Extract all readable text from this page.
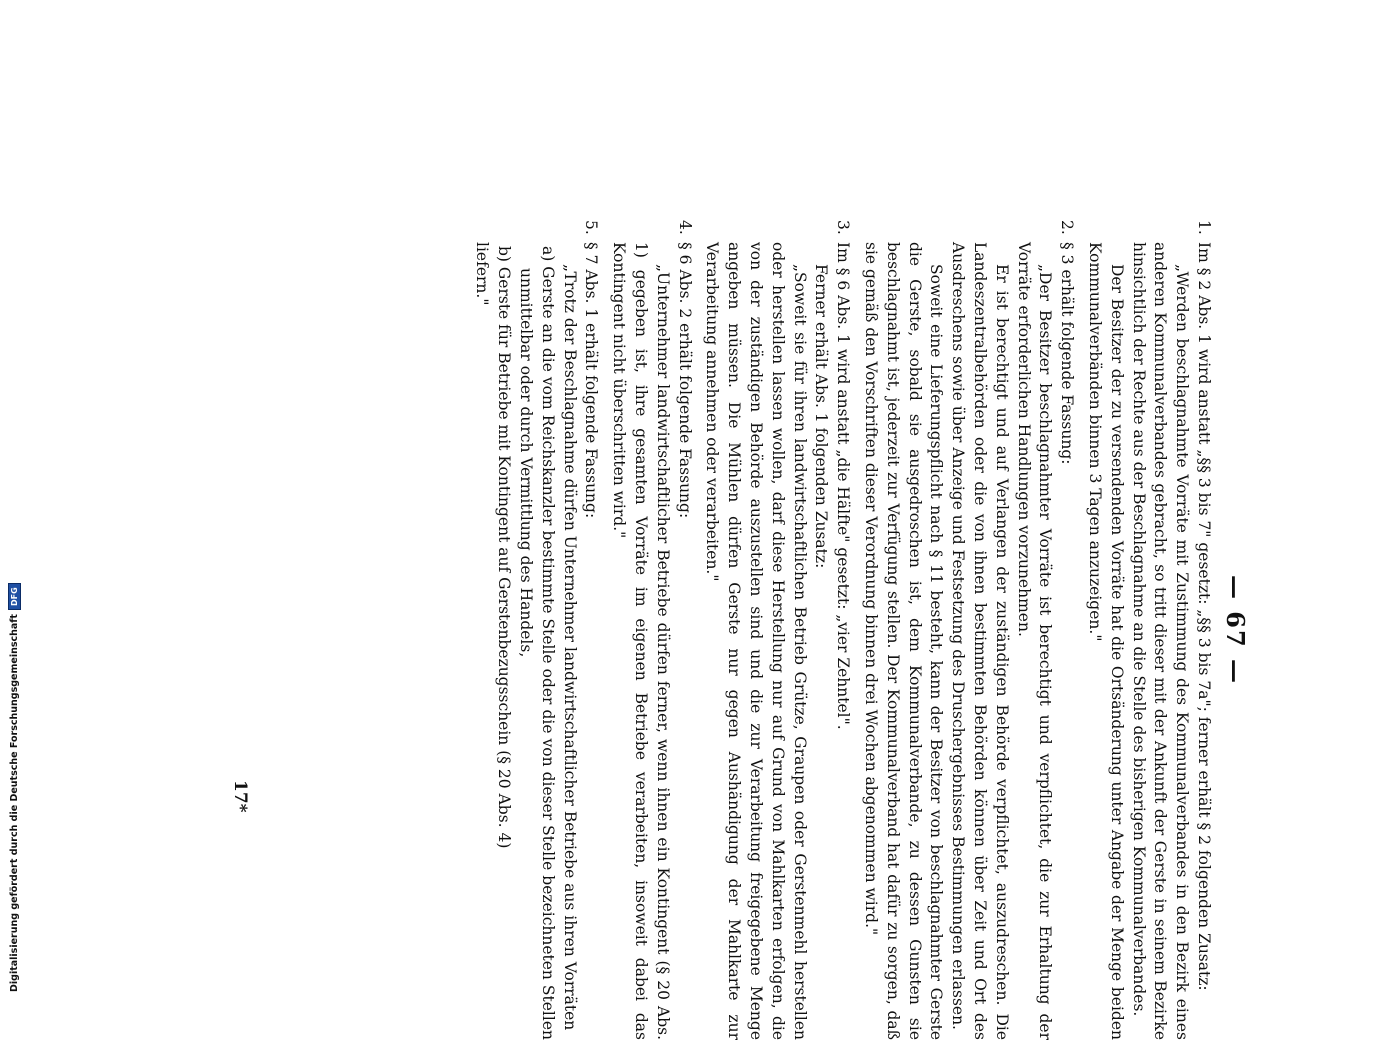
— 67 —
1.Im § 2 Abs. 1 wird anstatt „§§ 3 bis 7" gesetzt: „§§ 3 bis 7a"; ferner erhält § 2 folgenden Zusatz:

„Werden beschlagnahmte Vorräte mit Zustimmung des Kommunalverbandes in den Bezirk eines anderen Kommunalverbandes gebracht, so tritt dieser mit der Ankunft der Gerste in seinem Bezirke hinsichtlich der Rechte aus der Beschlagnahme an die Stelle des bisherigen Kommunalverbandes.

Der Besitzer der zu versendenden Vorräte hat die Ortsänderung unter Angabe der Menge beiden Kommunalverbänden binnen 3 Tagen anzuzeigen."

2.§ 3 erhält folgende Fassung:

„Der Besitzer beschlagnahmter Vorräte ist berechtigt und verpflichtet, die zur Erhaltung der Vorräte erforderlichen Handlungen vorzunehmen.

Er ist berechtigt und auf Verlangen der zuständigen Behörde verpflichtet, auszudreschen. Die Landeszentralbehörden oder die von ihnen bestimmten Behörden können über Zeit und Ort des Ausdreschens sowie über Anzeige und Festsetzung des Druschergebnisses Bestimmungen erlassen.

Soweit eine Lieferungspflicht nach § 11 besteht, kann der Besitzer von beschlagnahmter Gerste die Gerste, sobald sie ausgedroschen ist, dem Kommunalverbande, zu dessen Gunsten sie beschlagnahmt ist, jederzeit zur Verfügung stellen. Der Kommunalverband hat dafür zu sorgen, daß sie gemäß den Vorschriften dieser Verordnung binnen drei Wochen abgenommen wird."

3.Im § 6 Abs. 1 wird anstatt „die Hälfte" gesetzt: „vier Zehntel".

Ferner erhält Abs. 1 folgenden Zusatz:

„Soweit sie für ihren landwirtschaftlichen Betrieb Grütze, Graupen oder Gerstenmehl herstellen oder herstellen lassen wollen, darf diese Herstellung nur auf Grund von Mahlkarten erfolgen, die von der zuständigen Behörde auszustellen sind und die zur Verarbeitung freigegebene Menge angeben müssen. Die Mühlen dürfen Gerste nur gegen Aushändigung der Mahlkarte zur Verarbeitung annehmen oder verarbeiten."

4.§ 6 Abs. 2 erhält folgende Fassung:

„Unternehmer landwirtschaftlicher Betriebe dürfen ferner, wenn ihnen ein Kontingent (§ 20 Abs. 1) gegeben ist, ihre gesamten Vorräte im eigenen Betriebe verarbeiten, insoweit dabei das Kontingent nicht überschritten wird."

5.§ 7 Abs. 1 erhält folgende Fassung:

„Trotz der Beschlagnahme dürfen Unternehmer landwirtschaftlicher Betriebe aus ihren Vorräten

a) Gerste an die vom Reichskanzler bestimmte Stelle oder die von dieser Stelle bezeichneten Stellen unmittelbar oder durch Vermittlung des Handels,

b) Gerste für Betriebe mit Kontingent auf Gerstenbezugsschein (§ 20 Abs. 4)

liefern."

17*
Digitalisierung gefördert durch die Deutsche Forschungsgemeinschaft
DFG
